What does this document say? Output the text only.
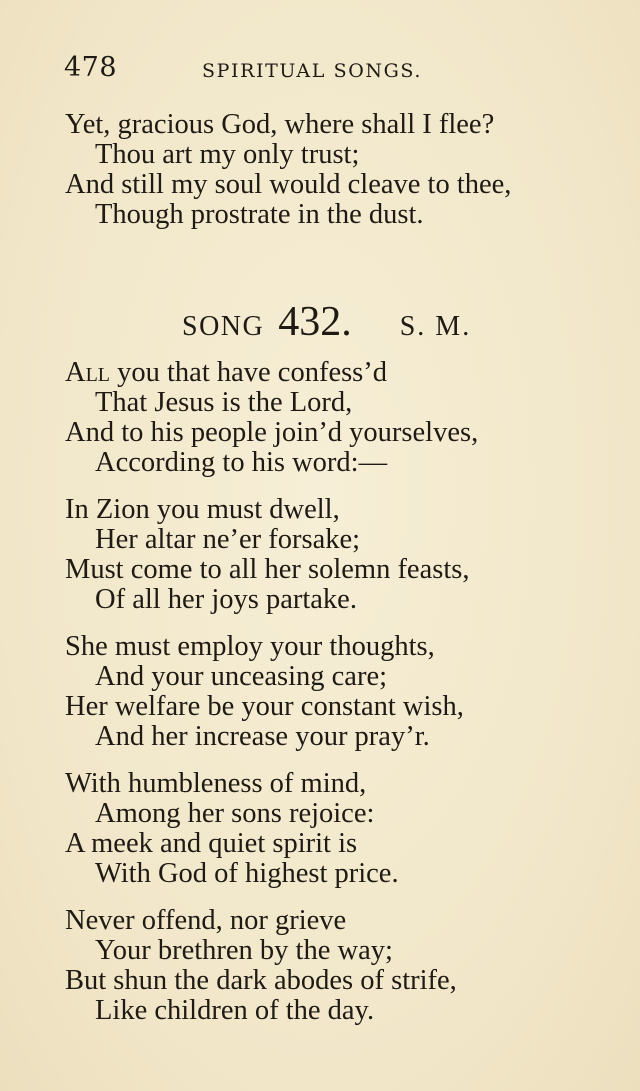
478	SPIRITUAL SONGS.
Yet, gracious God, where shall I flee?
Thou art my only trust;
And still my soul would cleave to thee,
Though prostrate in the dust.
SONG 432. S. M.
All you that have confess’d
That Jesus is the Lord,
And to his people join’d yourselves,
According to his word:—
In Zion you must dwell,
Her altar ne’er forsake;
Must come to all her solemn feasts,
Of all her joys partake.
She must employ your thoughts,
And your unceasing care;
Her welfare be your constant wish,
And her increase your pray’r.
With humbleness of mind,
Among her sons rejoice:
A meek and quiet spirit is
With God of highest price.
Never offend, nor grieve
Your brethren by the way;
But shun the dark abodes of strife,
Like children of the day.
